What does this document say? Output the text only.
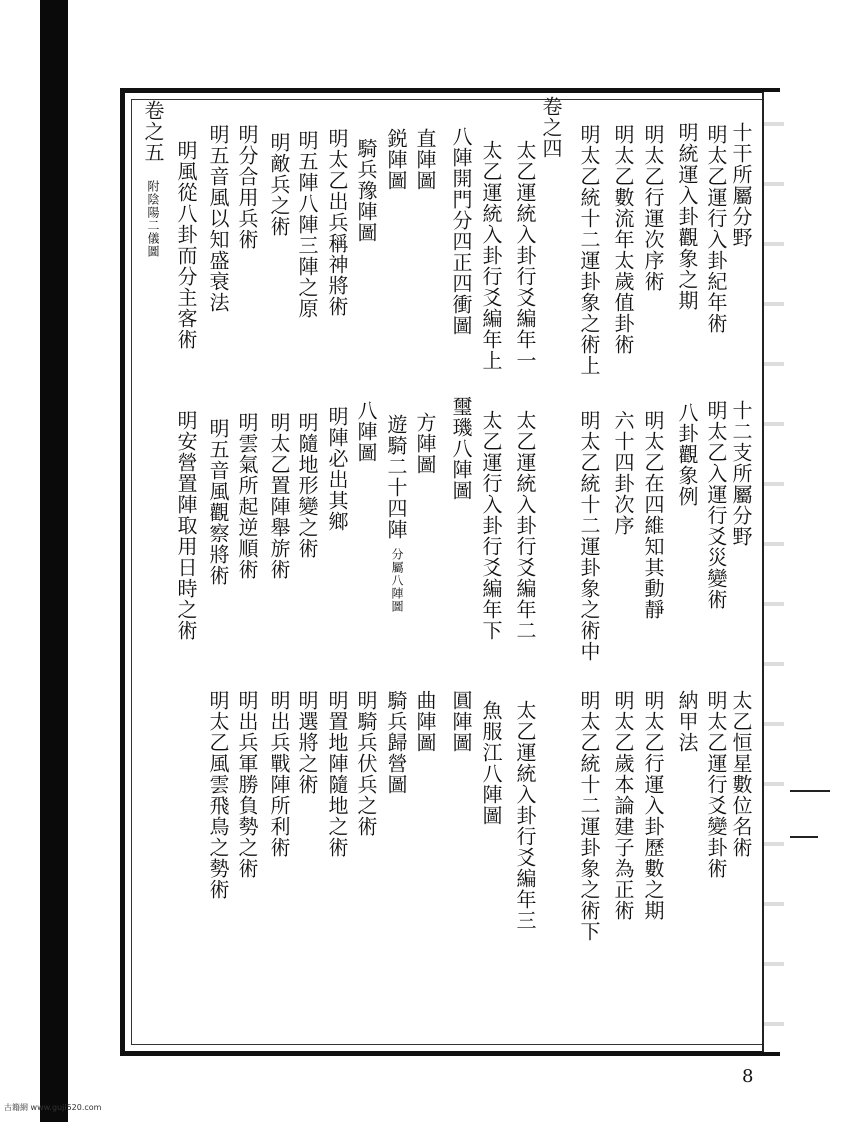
十干所屬分野
明太乙運行入卦紀年術
明統運入卦觀象之期
明太乙行運次序術
明太乙數流年太歲值卦術
明太乙統十二運卦象之術上
卷之四
太乙運統入卦行爻編年一
太乙運統入卦行爻編年上
八陣開門分四正四衝圖
直陣圖
鋭陣圖
騎兵豫陣圖
明太乙出兵稱神將術
明五陣八陣三陣之原
明敵兵之術
明分合用兵術
明五音風以知盛衰法
明風從八卦而分主客術
卷之五
附陰陽二儀圖
十二支所屬分野
明太乙入運行爻災變術
八卦觀象例
明太乙在四維知其動靜
六十四卦次序
明太乙統十二運卦象之術中
太乙運統入卦行爻編年二
太乙運行入卦行爻編年下
璽璣八陣圖
方陣圖
遊騎二十四陣
分屬八陣圖
八陣圖
明陣必出其鄉
明隨地形變之術
明太乙置陣舉旂術
明雲氣所起逆順術
明五音風觀察將術
明安營置陣取用日時之術
太乙恒星數位名術
明太乙運行爻變卦術
納甲法
明太乙行運入卦歷數之期
明太乙歲本論建子為正術
明太乙統十二運卦象之術下
太乙運統入卦行爻編年三
魚服江八陣圖
圓陣圖
曲陣圖
騎兵歸營圖
明騎兵伏兵之術
明置地陣隨地之術
明選將之術
明出兵戰陣所利術
明出兵軍勝負勢之術
明太乙風雲飛鳥之勢術
8
古籍網 www.guji520.com
